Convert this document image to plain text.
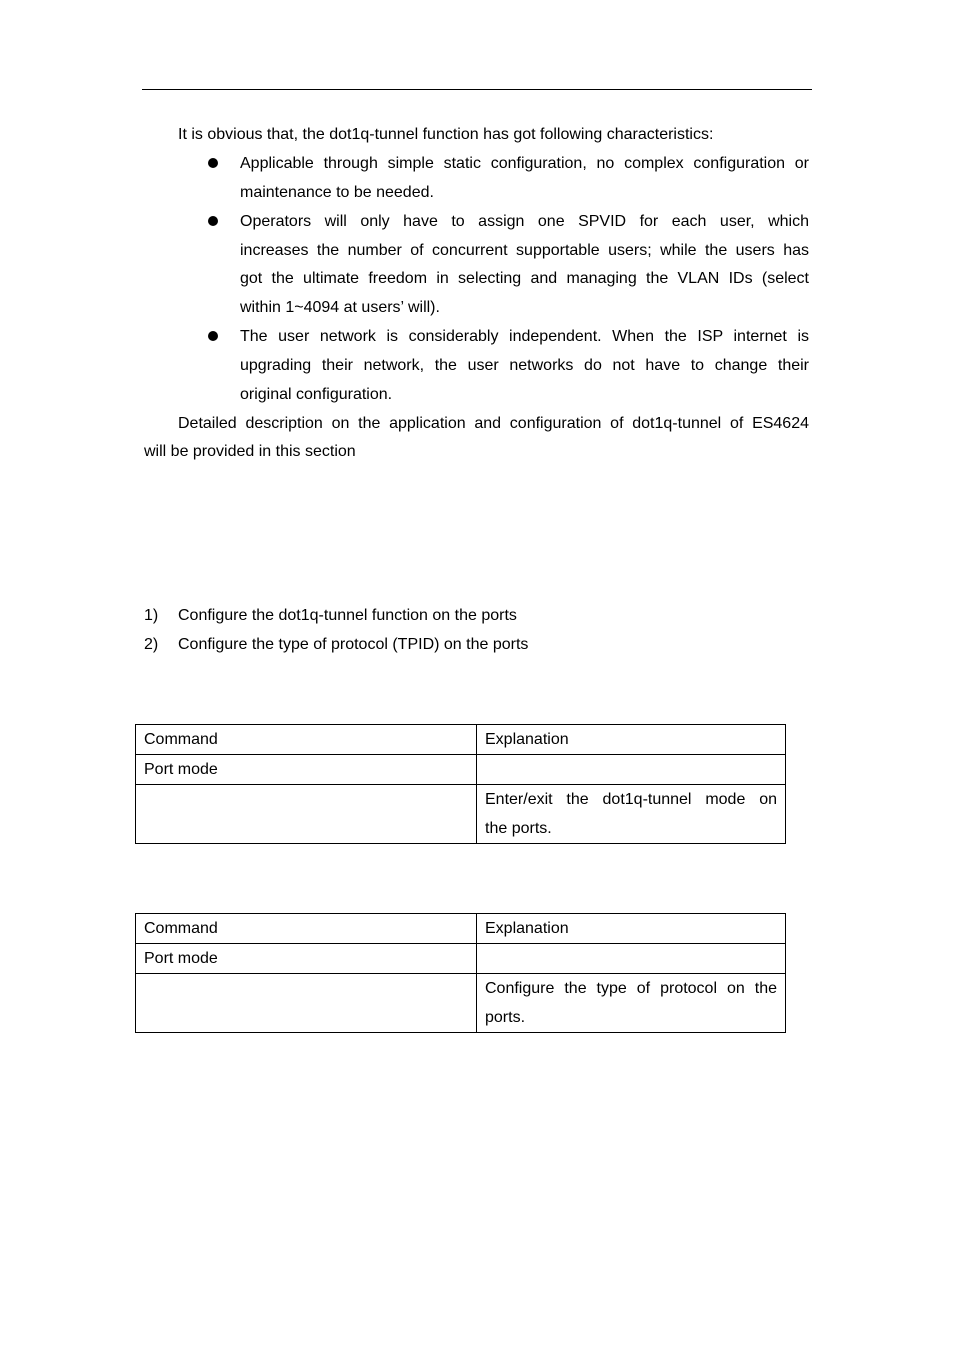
It is obvious that, the dot1q-tunnel function has got following characteristics:

Applicable through simple static configuration, no complex configuration or

maintenance to be needed.

Operators will only have to assign one SPVID for each user, which

increases the number of concurrent supportable users; while the users has

got the ultimate freedom in selecting and managing the VLAN IDs (select

within 1~4094 at users’ will).

The user network is considerably independent. When the ISP internet is

upgrading their network, the user networks do not have to change their

original configuration.

Detailed description on the application and configuration of dot1q-tunnel of ES4624

will be provided in this section

1) Configure the dot1q-tunnel function on the ports

2) Configure the type of protocol (TPID) on the ports

Command	Explanation
Port mode	

	Enter/exit the dot1q-tunnel mode on
the ports.
Command	Explanation
Port mode	

	Configure the type of protocol on the
ports.
